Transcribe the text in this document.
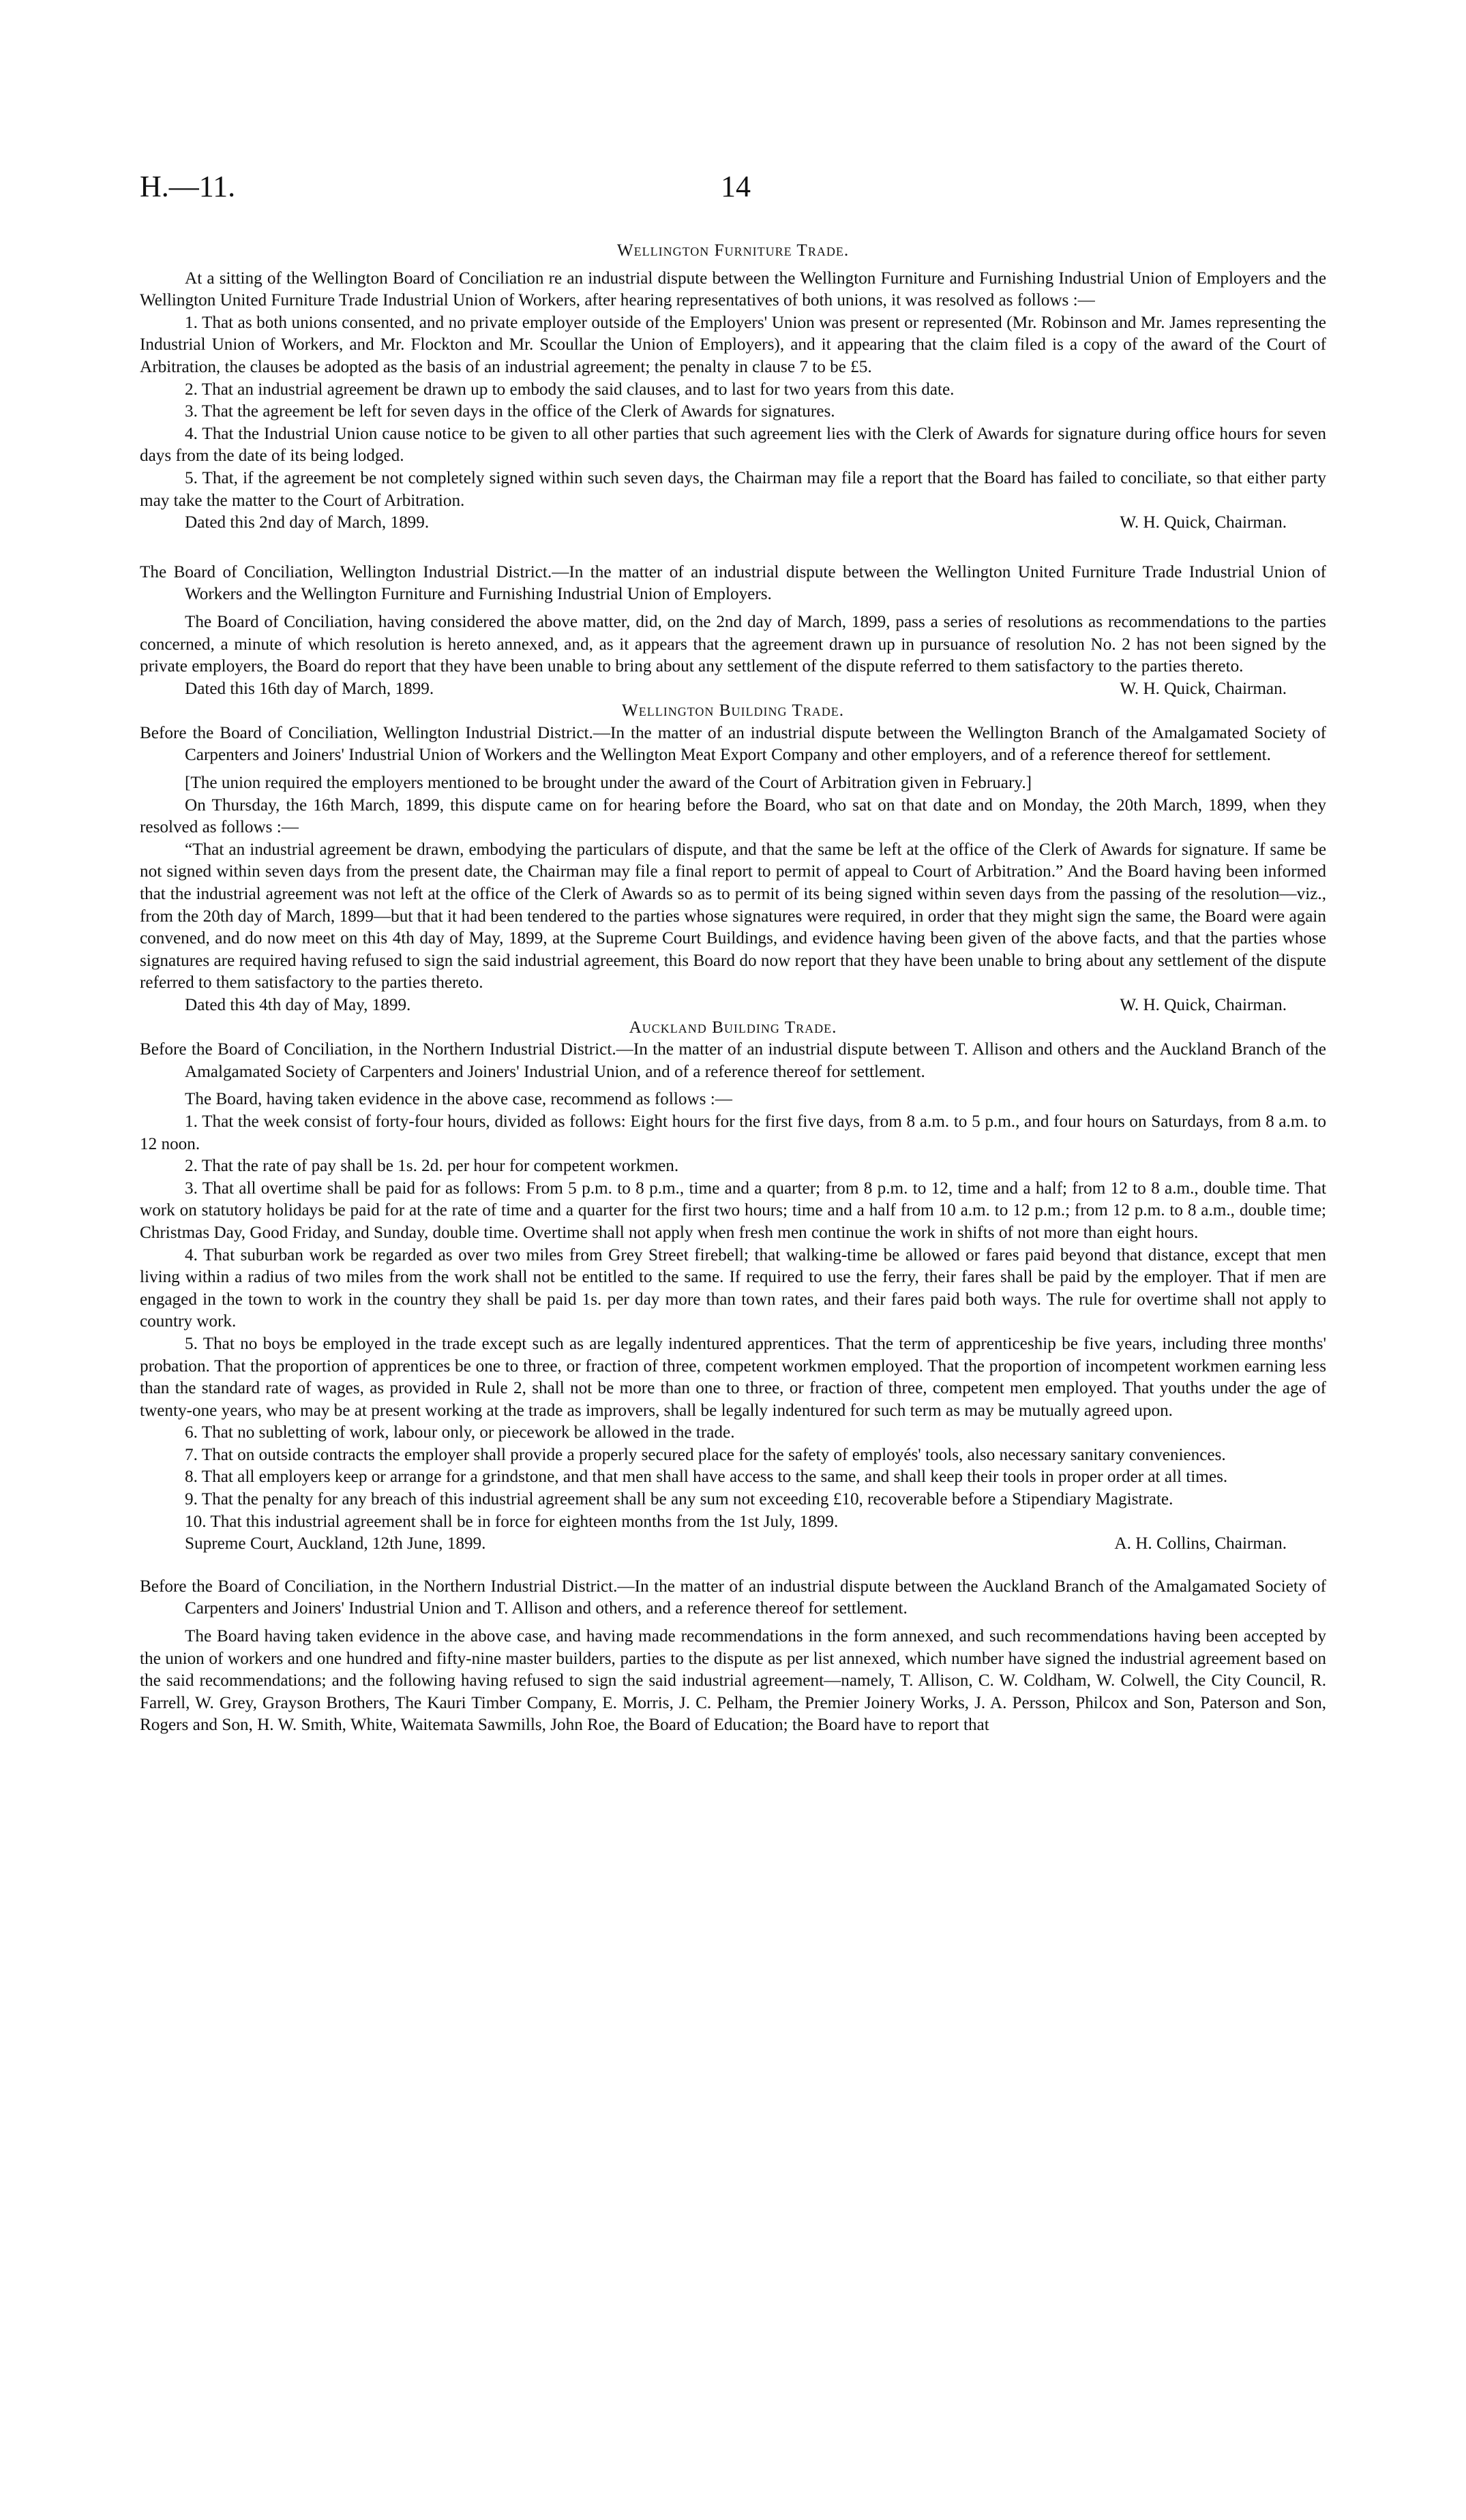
H.—11.	14

Wellington Furniture Trade.

At a sitting of the Wellington Board of Conciliation re an industrial dispute between the Wellington Furniture and Furnishing Industrial Union of Employers and the Wellington United Furniture Trade Industrial Union of Workers, after hearing representatives of both unions, it was resolved as follows :—

1. That as both unions consented, and no private employer outside of the Employers' Union was present or represented (Mr. Robinson and Mr. James representing the Industrial Union of Workers, and Mr. Flockton and Mr. Scoullar the Union of Employers), and it appearing that the claim filed is a copy of the award of the Court of Arbitration, the clauses be adopted as the basis of an industrial agreement; the penalty in clause 7 to be £5.

2. That an industrial agreement be drawn up to embody the said clauses, and to last for two years from this date.

3. That the agreement be left for seven days in the office of the Clerk of Awards for signatures.

4. That the Industrial Union cause notice to be given to all other parties that such agreement lies with the Clerk of Awards for signature during office hours for seven days from the date of its being lodged.

5. That, if the agreement be not completely signed within such seven days, the Chairman may file a report that the Board has failed to conciliate, so that either party may take the matter to the Court of Arbitration.

Dated this 2nd day of March, 1899.	W. H. Quick, Chairman.

The Board of Conciliation, Wellington Industrial District.—In the matter of an industrial dispute between the Wellington United Furniture Trade Industrial Union of Workers and the Wellington Furniture and Furnishing Industrial Union of Employers.

The Board of Conciliation, having considered the above matter, did, on the 2nd day of March, 1899, pass a series of resolutions as recommendations to the parties concerned, a minute of which resolution is hereto annexed, and, as it appears that the agreement drawn up in pursuance of resolution No. 2 has not been signed by the private employers, the Board do report that they have been unable to bring about any settlement of the dispute referred to them satisfactory to the parties thereto.

Dated this 16th day of March, 1899.	W. H. Quick, Chairman.

Wellington Building Trade.

Before the Board of Conciliation, Wellington Industrial District.—In the matter of an industrial dispute between the Wellington Branch of the Amalgamated Society of Carpenters and Joiners' Industrial Union of Workers and the Wellington Meat Export Company and other employers, and of a reference thereof for settlement.

[The union required the employers mentioned to be brought under the award of the Court of Arbitration given in February.]

On Thursday, the 16th March, 1899, this dispute came on for hearing before the Board, who sat on that date and on Monday, the 20th March, 1899, when they resolved as follows :—

“That an industrial agreement be drawn, embodying the particulars of dispute, and that the same be left at the office of the Clerk of Awards for signature. If same be not signed within seven days from the present date, the Chairman may file a final report to permit of appeal to Court of Arbitration.” And the Board having been informed that the industrial agreement was not left at the office of the Clerk of Awards so as to permit of its being signed within seven days from the passing of the resolution—viz., from the 20th day of March, 1899—but that it had been tendered to the parties whose signatures were required, in order that they might sign the same, the Board were again convened, and do now meet on this 4th day of May, 1899, at the Supreme Court Buildings, and evidence having been given of the above facts, and that the parties whose signatures are required having refused to sign the said industrial agreement, this Board do now report that they have been unable to bring about any settlement of the dispute referred to them satisfactory to the parties thereto.

Dated this 4th day of May, 1899.	W. H. Quick, Chairman.

Auckland Building Trade.

Before the Board of Conciliation, in the Northern Industrial District.—In the matter of an industrial dispute between T. Allison and others and the Auckland Branch of the Amalgamated Society of Carpenters and Joiners' Industrial Union, and of a reference thereof for settlement.

The Board, having taken evidence in the above case, recommend as follows :—

1. That the week consist of forty-four hours, divided as follows: Eight hours for the first five days, from 8 a.m. to 5 p.m., and four hours on Saturdays, from 8 a.m. to 12 noon.

2. That the rate of pay shall be 1s. 2d. per hour for competent workmen.

3. That all overtime shall be paid for as follows: From 5 p.m. to 8 p.m., time and a quarter; from 8 p.m. to 12, time and a half; from 12 to 8 a.m., double time. That work on statutory holidays be paid for at the rate of time and a quarter for the first two hours; time and a half from 10 a.m. to 12 p.m.; from 12 p.m. to 8 a.m., double time; Christmas Day, Good Friday, and Sunday, double time. Overtime shall not apply when fresh men continue the work in shifts of not more than eight hours.

4. That suburban work be regarded as over two miles from Grey Street firebell; that walking-time be allowed or fares paid beyond that distance, except that men living within a radius of two miles from the work shall not be entitled to the same. If required to use the ferry, their fares shall be paid by the employer. That if men are engaged in the town to work in the country they shall be paid 1s. per day more than town rates, and their fares paid both ways. The rule for overtime shall not apply to country work.

5. That no boys be employed in the trade except such as are legally indentured apprentices. That the term of apprenticeship be five years, including three months' probation. That the proportion of apprentices be one to three, or fraction of three, competent workmen employed. That the proportion of incompetent workmen earning less than the standard rate of wages, as provided in Rule 2, shall not be more than one to three, or fraction of three, competent men employed. That youths under the age of twenty-one years, who may be at present working at the trade as improvers, shall be legally indentured for such term as may be mutually agreed upon.

6. That no subletting of work, labour only, or piecework be allowed in the trade.

7. That on outside contracts the employer shall provide a properly secured place for the safety of employés' tools, also necessary sanitary conveniences.

8. That all employers keep or arrange for a grindstone, and that men shall have access to the same, and shall keep their tools in proper order at all times.

9. That the penalty for any breach of this industrial agreement shall be any sum not exceeding £10, recoverable before a Stipendiary Magistrate.

10. That this industrial agreement shall be in force for eighteen months from the 1st July, 1899.

Supreme Court, Auckland, 12th June, 1899.	A. H. Collins, Chairman.

Before the Board of Conciliation, in the Northern Industrial District.—In the matter of an industrial dispute between the Auckland Branch of the Amalgamated Society of Carpenters and Joiners' Industrial Union and T. Allison and others, and a reference thereof for settlement.

The Board having taken evidence in the above case, and having made recommendations in the form annexed, and such recommendations having been accepted by the union of workers and one hundred and fifty-nine master builders, parties to the dispute as per list annexed, which number have signed the industrial agreement based on the said recommendations; and the following having refused to sign the said industrial agreement—namely, T. Allison, C. W. Coldham, W. Colwell, the City Council, R. Farrell, W. Grey, Grayson Brothers, The Kauri Timber Company, E. Morris, J. C. Pelham, the Premier Joinery Works, J. A. Persson, Philcox and Son, Paterson and Son, Rogers and Son, H. W. Smith, White, Waitemata Sawmills, John Roe, the Board of Education; the Board have to report that
